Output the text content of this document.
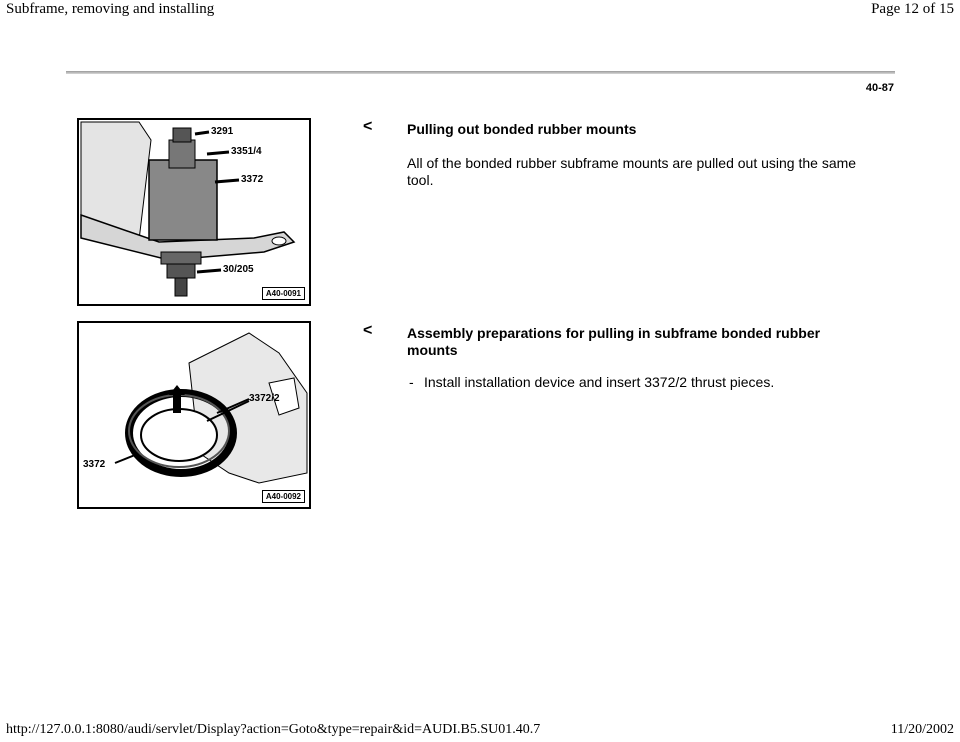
Subframe, removing and installing	Page 12 of 15
40-87
3291
3351/4
3372
30/205
A40-0091
< Pulling out bonded rubber mounts
All of the bonded rubber subframe mounts are pulled out using the same tool.
3372/2
3372
A40-0092
< Assembly preparations for pulling in subframe bonded rubber mounts
- Install installation device and insert 3372/2 thrust pieces.
http://127.0.0.1:8080/audi/servlet/Display?action=Goto&type=repair&id=AUDI.B5.SU01.40.7	11/20/2002
